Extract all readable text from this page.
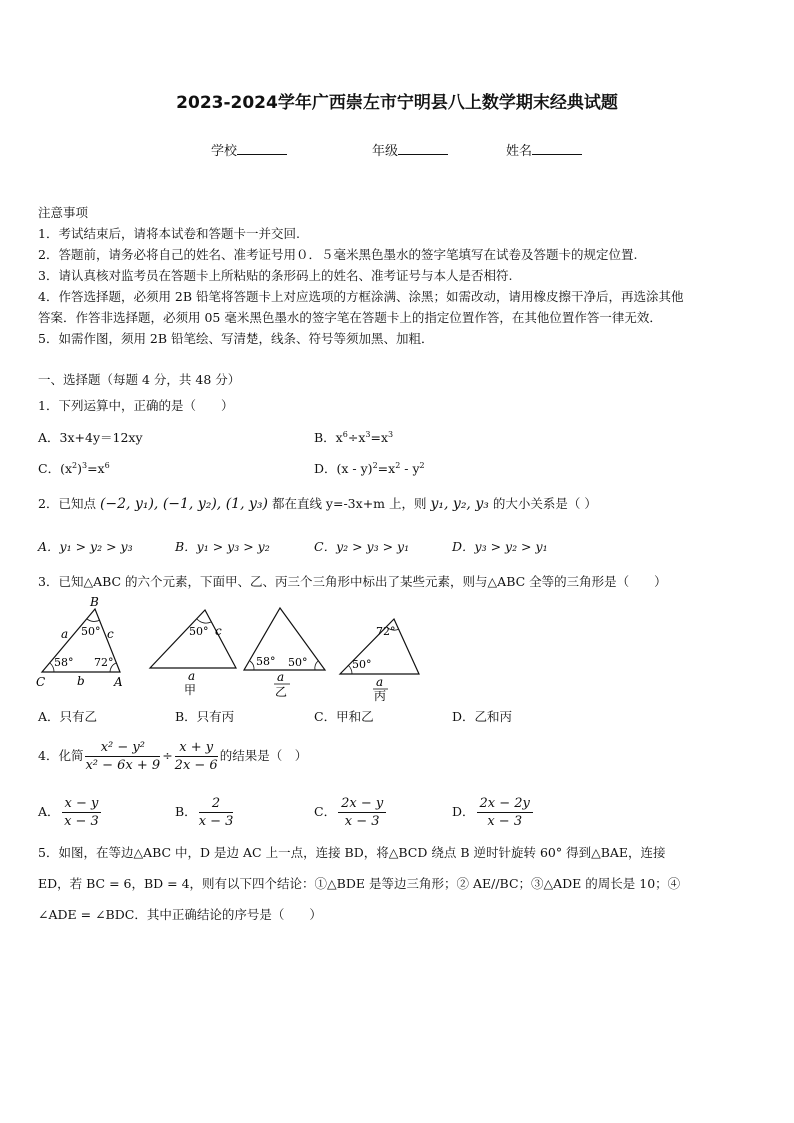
2023-2024学年广西崇左市宁明县八上数学期末经典试题
学校	年级	姓名
注意事项
1．考试结束后，请将本试卷和答题卡一并交回.
2．答题前，请务必将自己的姓名、准考证号用０．５毫米黑色墨水的签字笔填写在试卷及答题卡的规定位置.
3．请认真核对监考员在答题卡上所粘贴的条形码上的姓名、准考证号与本人是否相符.
4．作答选择题，必须用 2B 铅笔将答题卡上对应选项的方框涂满、涂黑；如需改动，请用橡皮擦干净后，再选涂其他
答案．作答非选择题，必须用 05 毫米黑色墨水的签字笔在答题卡上的指定位置作答，在其他位置作答一律无效．
5．如需作图，须用 2B 铅笔绘、写清楚，线条、符号等须加黑、加粗．
一、选择题（每题 4 分，共 48 分）
1．下列运算中，正确的是（　　）
A．3x+4y＝12xy	B．$x^6\div x^3=x^3$
C．$(x^2)^3=x^6$	D．$(x - y)^2=x^2 - y^2$
2．已知点 (−2, y₁), (−1, y₂), (1, y₃) 都在直线 y=-3x+m 上，则 y₁, y₂, y₃ 的大小关系是（ ）
A．y₁ > y₂ > y₃	B．y₁ > y₃ > y₂	C．y₂ > y₃ > y₁	D．y₃ > y₂ > y₁
3．已知△ABC 的六个元素，下面甲、乙、丙三个三角形中标出了某些元素，则与△ABC 全等的三角形是（　　）
B
a	c
50°
58° 72°
C	b A
50° c
a
甲
58° 50°
a
乙
72°
50°
a
丙
A．只有乙	B．只有丙	C．甲和乙	D．乙和丙
4．化简 $\frac{\text{x² − y²}}{\text{x² − 6x + 9}} \div \frac{x + y}{2x - 6}$ 的结果是（　）
A． $\frac{x - y}{x - 3}$	B． $\frac{2}{x - 3}$	C． $\frac{2x - y}{x - 3}$	D． $\frac{2x - 2y}{x - 3}$
5．如图，在等边△ABC 中，D 是边 AC 上一点，连接 BD，将△BCD 绕点 B 逆时针旋转 60° 得到△BAE，连接
ED，若 BC = 6，BD = 4，则有以下四个结论：①△BDE 是等边三角形；② AE//BC；③△ADE 的周长是 10；④
∠ADE = ∠BDC．其中正确结论的序号是（　　）
